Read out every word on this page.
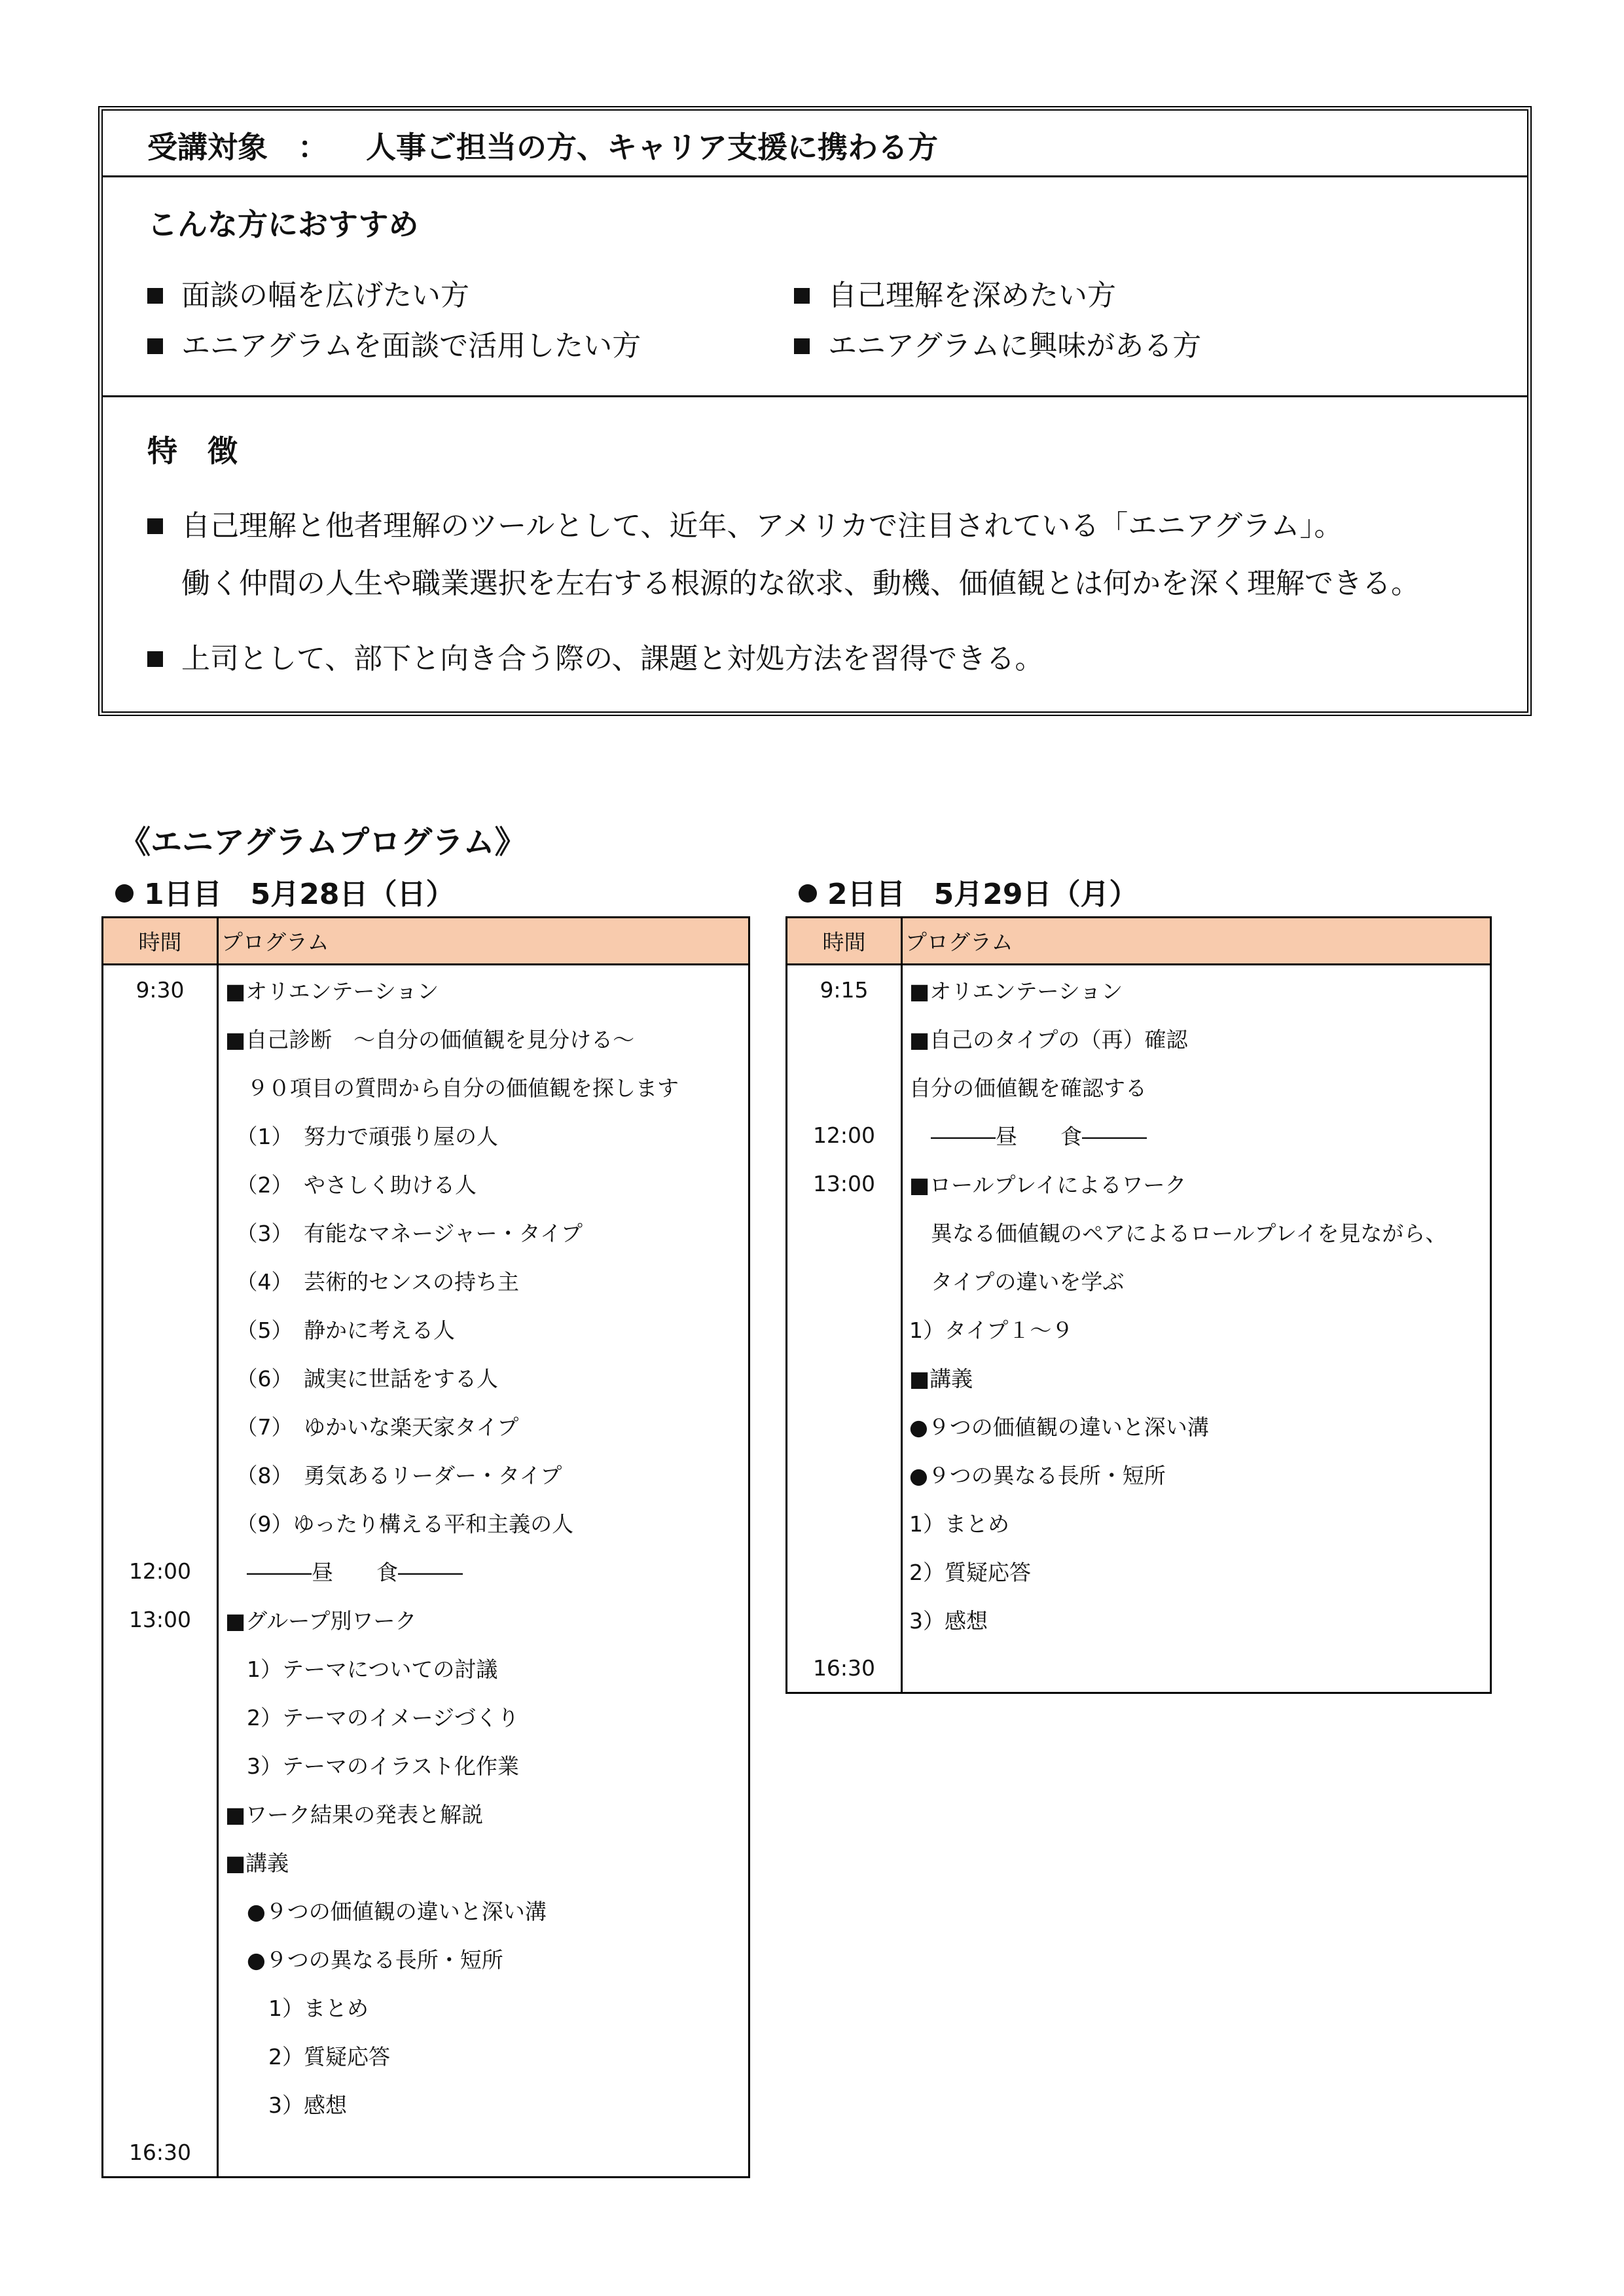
受講対象　： 人事ご担当の方、キャリア支援に携わる方
こんな方におすすめ
面談の幅を広げたい方	自己理解を深めたい方
エニアグラムを面談で活用したい方	エニアグラムに興味がある方
特　徴
自己理解と他者理解のツールとして、近年、アメリカで注目されている「エニアグラム」。
働く仲間の人生や職業選択を左右する根源的な欲求、動機、価値観とは何かを深く理解できる。
上司として、部下と向き合う際の、課題と対処方法を習得できる。
《エニアグラムプログラム》
1日目　5月28日（日）	2日目　5月29日（月）
時間	プログラム
9:30	■オリエンテーション
	■自己診断　～自分の価値観を見分ける～
	　９０項目の質問から自分の価値観を探します
	　（1）　努力で頑張り屋の人
	　（2）　やさしく助ける人
	　（3）　有能なマネージャー・タイプ
	　（4）　芸術的センスの持ち主
	　（5）　静かに考える人
	　（6）　誠実に世話をする人
	　（7）　ゆかいな楽天家タイプ
	　（8）　勇気あるリーダー・タイプ
	　（9）ゆったり構える平和主義の人
12:00	　―――昼　　食―――
13:00	■グループ別ワーク
	　1）テーマについての討議
	　2）テーマのイメージづくり
	　3）テーマのイラスト化作業
	■ワーク結果の発表と解説
	■講義
	　●９つの価値観の違いと深い溝
	　●９つの異なる長所・短所
	　　1）まとめ
	　　2）質疑応答
	　　3）感想
16:30	
時間	プログラム
9:15	■オリエンテーション
	■自己のタイプの（再）確認
	自分の価値観を確認する
12:00	　―――昼　　食―――
13:00	■ロールプレイによるワーク
	　異なる価値観のペアによるロールプレイを見ながら、
	　タイプの違いを学ぶ
	1）タイプ１～９
	■講義
	●９つの価値観の違いと深い溝
	●９つの異なる長所・短所
	1）まとめ
	2）質疑応答
	3）感想
16:30	
